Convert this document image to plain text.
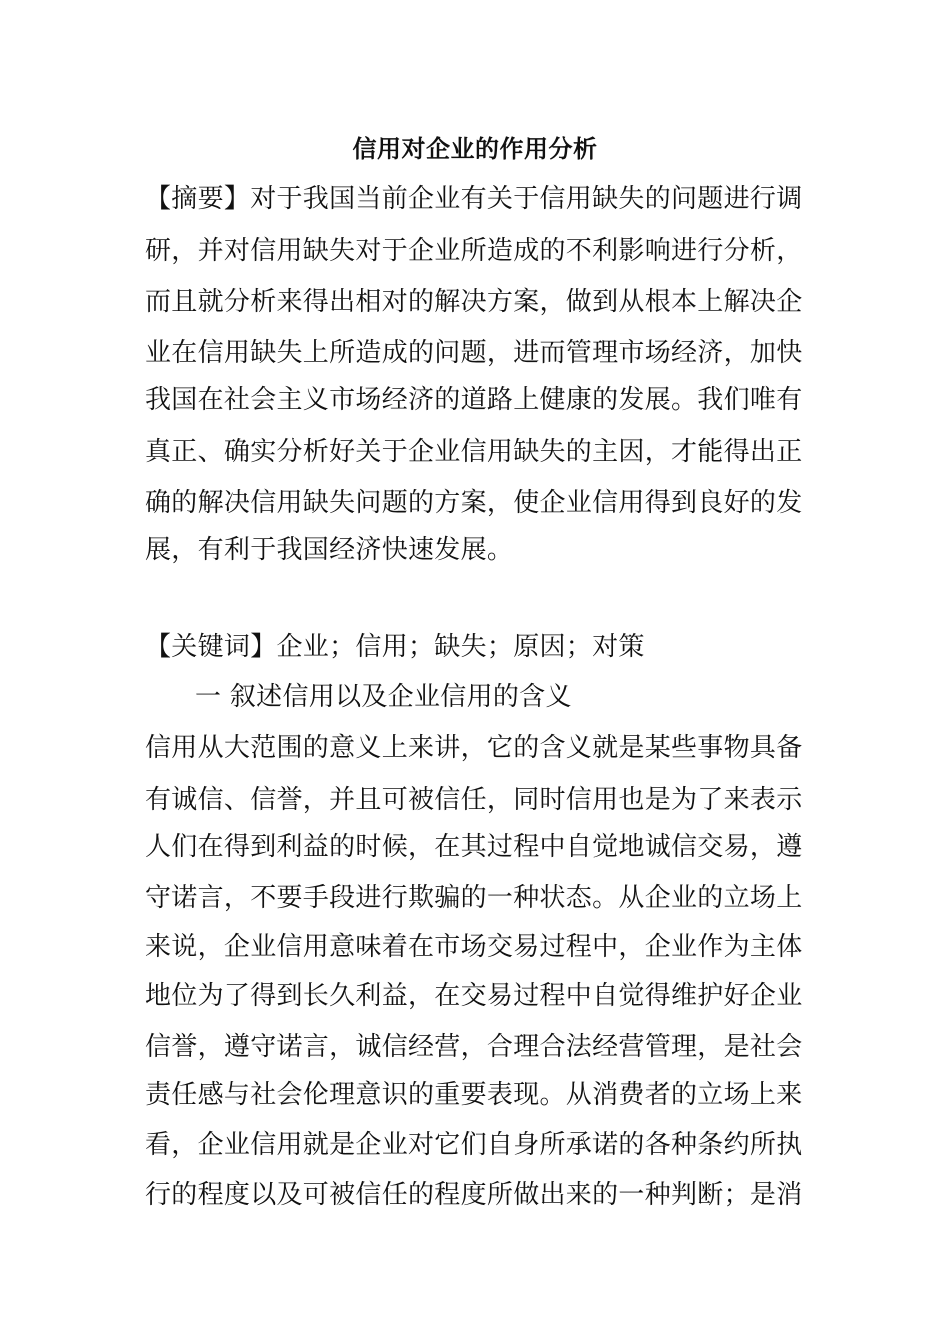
信用对企业的作用分析
【摘要】对于我国当前企业有关于信用缺失的问题进行调
研，并对信用缺失对于企业所造成的不利影响进行分析，
而且就分析来得出相对的解决方案，做到从根本上解决企
业在信用缺失上所造成的问题，进而管理市场经济，加快
我国在社会主义市场经济的道路上健康的发展。我们唯有
真正、确实分析好关于企业信用缺失的主因，才能得出正
确的解决信用缺失问题的方案，使企业信用得到良好的发
展，有利于我国经济快速发展。
【关键词】企业；信用；缺失；原因；对策
一 叙述信用以及企业信用的含义
信用从大范围的意义上来讲，它的含义就是某些事物具备
有诚信、信誉，并且可被信任，同时信用也是为了来表示
人们在得到利益的时候，在其过程中自觉地诚信交易，遵
守诺言，不要手段进行欺骗的一种状态。从企业的立场上
来说，企业信用意味着在市场交易过程中，企业作为主体
地位为了得到长久利益，在交易过程中自觉得维护好企业
信誉，遵守诺言，诚信经营，合理合法经营管理，是社会
责任感与社会伦理意识的重要表现。从消费者的立场上来
看，企业信用就是企业对它们自身所承诺的各种条约所执
行的程度以及可被信任的程度所做出来的一种判断；是消
